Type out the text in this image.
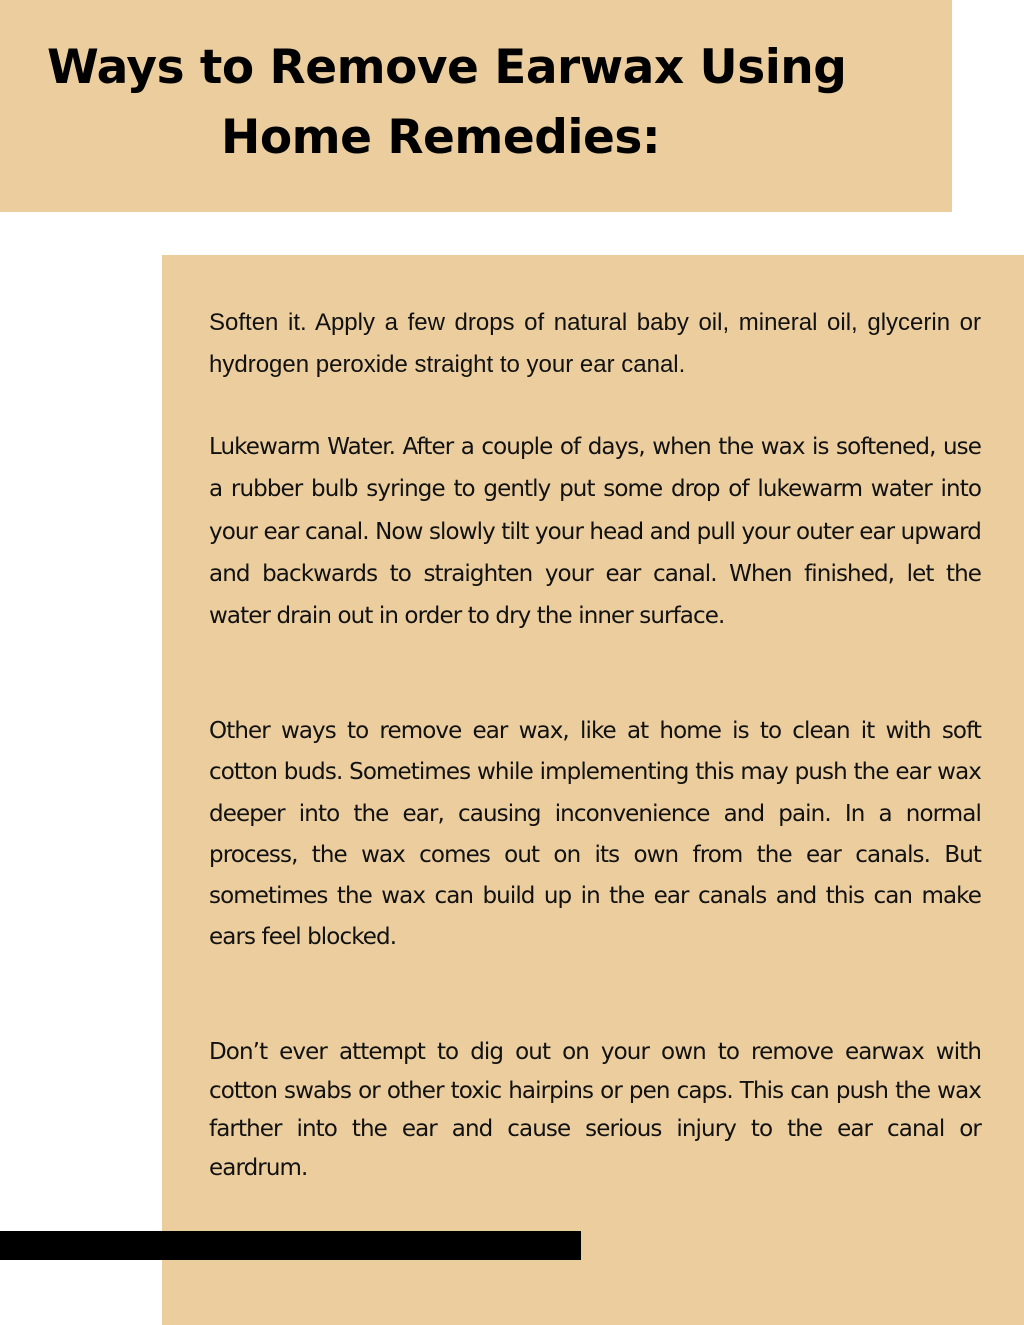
Ways to Remove Earwax Using
Home Remedies:

Soften it. Apply a few drops of natural baby oil, mineral oil, glycerin or hydrogen peroxide straight to your ear canal.

Lukewarm Water. After a couple of days, when the wax is softened, use a rubber bulb syringe to gently put some drop of lukewarm water into your ear canal. Now slowly tilt your head and pull your outer ear upward and backwards to straighten your ear canal. When finished, let the water drain out in order to dry the inner surface.

Other ways to remove ear wax, like at home is to clean it with soft cotton buds. Sometimes while implementing this may push the ear wax deeper into the ear, causing inconvenience and pain. In a normal process, the wax comes out on its own from the ear canals. But sometimes the wax can build up in the ear canals and this can make ears feel blocked.

Don’t ever attempt to dig out on your own to remove earwax with cotton swabs or other toxic hairpins or pen caps. This can push the wax farther into the ear and cause serious injury to the ear canal or eardrum.
